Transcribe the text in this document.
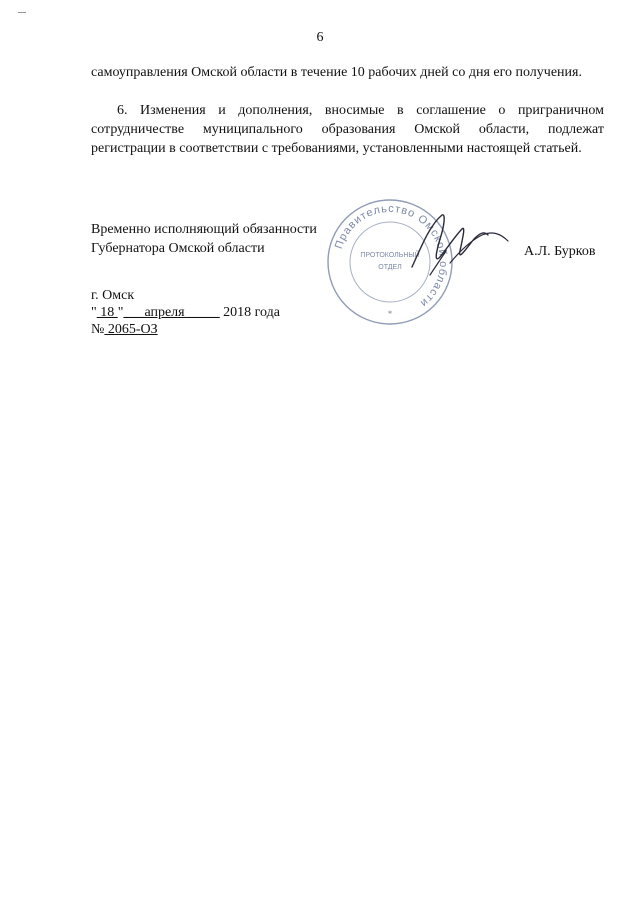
6
самоуправления Омской области в течение 10 рабочих дней со дня его получения.
6. Изменения и дополнения, вносимые в соглашение о приграничном сотрудничестве муниципального образования Омской области, подлежат регистрации в соответствии с требованиями, установленными настоящей статьей.
Временно исполняющий обязанности
Губернатора Омской области	Правительство Омской области
ПРОТОКОЛЬНЫЙ
ОТДЕЛ
*
А.Л. Бурков
г. Омск
" 18 "___апреля_____ 2018 года
№ 2065-ОЗ
